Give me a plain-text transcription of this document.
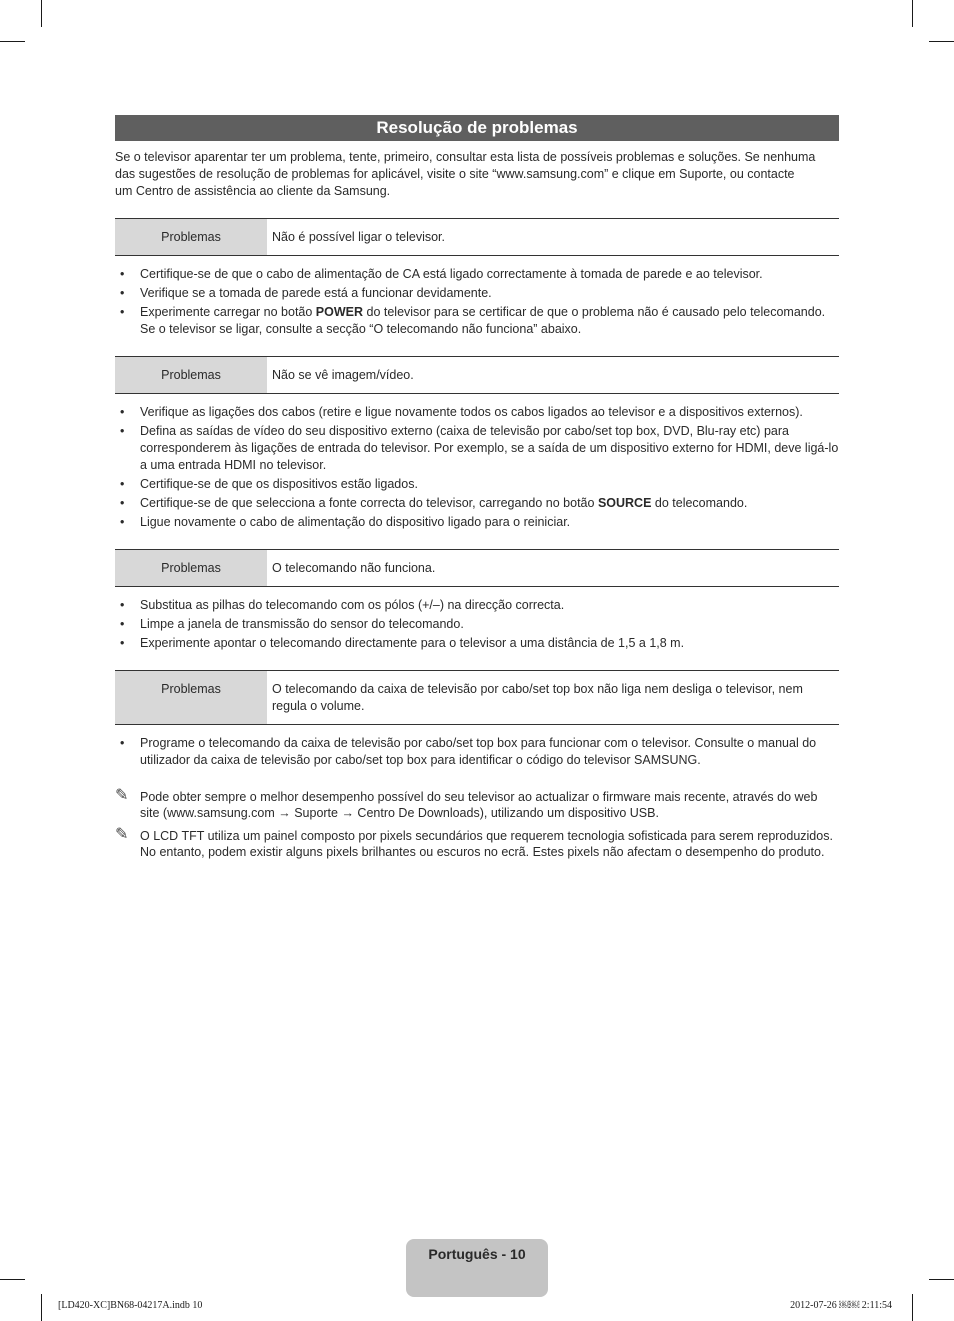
Resolução de problemas
Se o televisor aparentar ter um problema, tente, primeiro, consultar esta lista de possíveis problemas e soluções. Se nenhuma
das sugestões de resolução de problemas for aplicável, visite o site “www.samsung.com” e clique em Suporte, ou contacte
um Centro de assistência ao cliente da Samsung.
Problemas	Não é possível ligar o televisor.
• Certifique-se de que o cabo de alimentação de CA está ligado correctamente à tomada de parede e ao televisor.
• Verifique se a tomada de parede está a funcionar devidamente.
• Experimente carregar no botão POWER do televisor para se certificar de que o problema não é causado pelo telecomando. Se o televisor se ligar, consulte a secção “O telecomando não funciona” abaixo.
Problemas	Não se vê imagem/vídeo.
• Verifique as ligações dos cabos (retire e ligue novamente todos os cabos ligados ao televisor e a dispositivos externos).
• Defina as saídas de vídeo do seu dispositivo externo (caixa de televisão por cabo/set top box, DVD, Blu-ray etc) para corresponderem às ligações de entrada do televisor. Por exemplo, se a saída de um dispositivo externo for HDMI, deve ligá-lo a uma entrada HDMI no televisor.
• Certifique-se de que os dispositivos estão ligados.
• Certifique-se de que selecciona a fonte correcta do televisor, carregando no botão SOURCE do telecomando.
• Ligue novamente o cabo de alimentação do dispositivo ligado para o reiniciar.
Problemas	O telecomando não funciona.
• Substitua as pilhas do telecomando com os pólos (+/–) na direcção correcta.
• Limpe a janela de transmissão do sensor do telecomando.
• Experimente apontar o telecomando directamente para o televisor a uma distância de 1,5 a 1,8 m.
Problemas	O telecomando da caixa de televisão por cabo/set top box não liga nem desliga o televisor, nem regula o volume.
• Programe o telecomando da caixa de televisão por cabo/set top box para funcionar com o televisor. Consulte o manual do utilizador da caixa de televisão por cabo/set top box para identificar o código do televisor SAMSUNG.
✎ Pode obter sempre o melhor desempenho possível do seu televisor ao actualizar o firmware mais recente, através do web site (www.samsung.com → Suporte → Centro De Downloads), utilizando um dispositivo USB.
✎ O LCD TFT utiliza um painel composto por pixels secundários que requerem tecnologia sofisticada para serem reproduzidos. No entanto, podem existir alguns pixels brilhantes ou escuros no ecrã. Estes pixels não afectam o desempenho do produto.
Português - 10
[LD420-XC]BN68-04217A.indb 10	2012-07-26 ￼￼ 2:11:54
